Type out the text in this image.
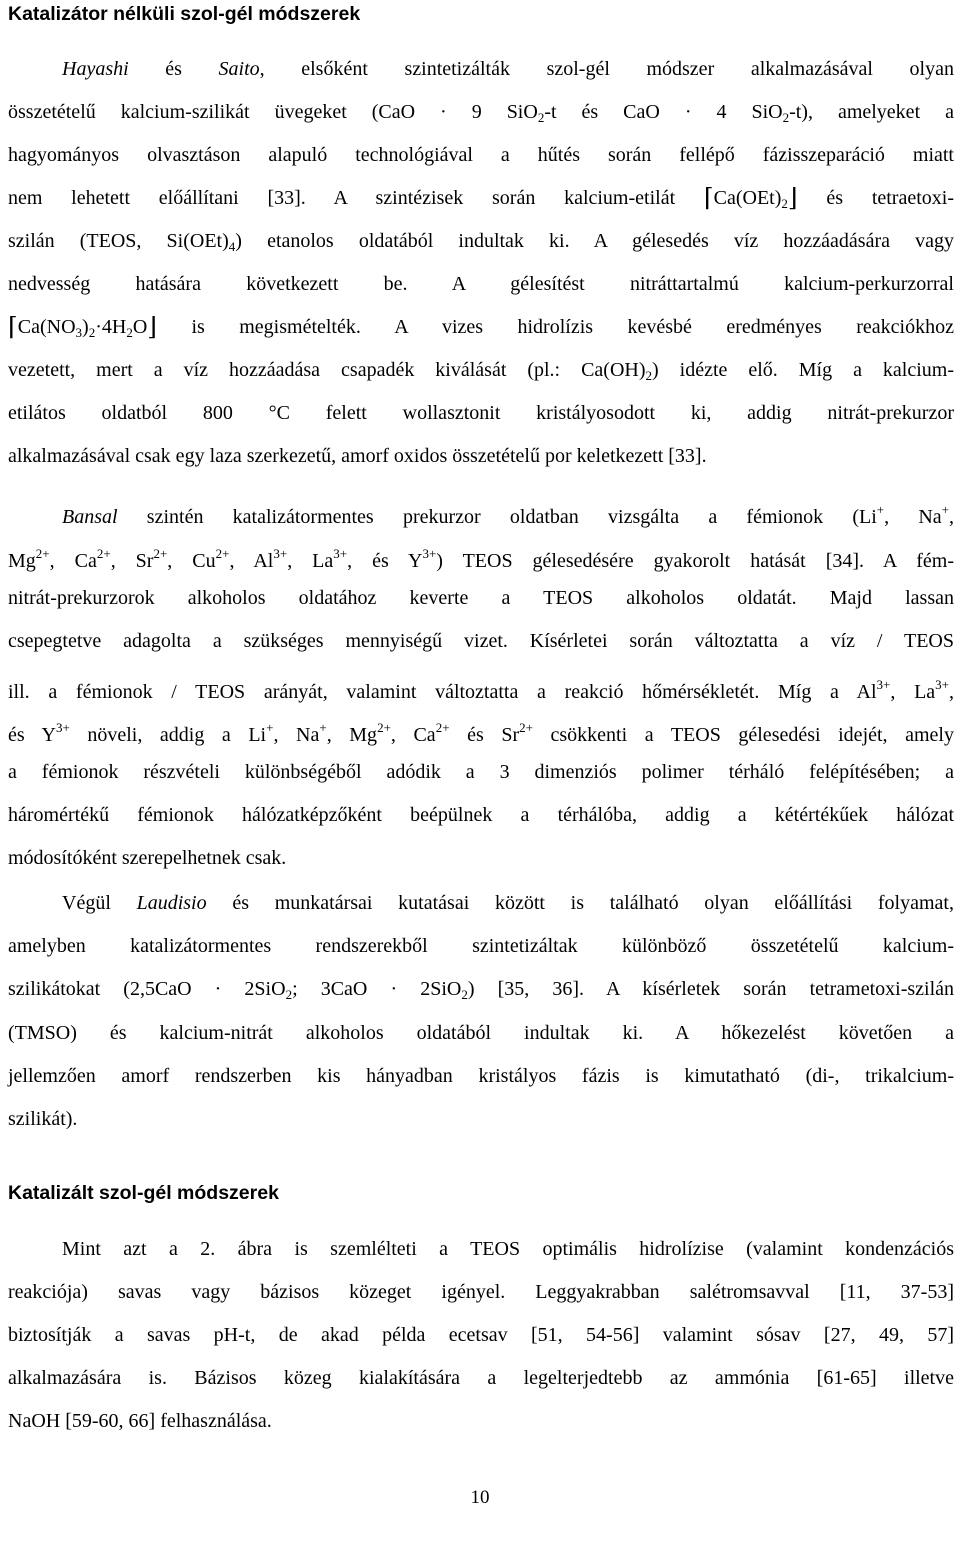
Katalizátor nélküli szol-gél módszerek
Hayashi és Saito, elsőként szintetizálták szol-gél módszer alkalmazásával olyan
összetételű kalcium-szilikát üvegeket (CaO · 9 SiO$_2$-t és CaO · 4 SiO$_2$-t), amelyeket a
hagyományos olvasztáson alapuló technológiával a hűtés során fellépő fázisszeparáció miatt
nem lehetett előállítani [33]. A szintézisek során kalcium-etilát $⌈Ca(OEt)_2⌋$ és tetraetoxi-
szilán (TEOS, $Si(OEt)_4$) etanolos oldatából indultak ki. A gélesedés víz hozzáadására vagy
nedvesség hatására következett be. A gélesítést nitráttartalmú kalcium-perkurzorral
$⌈Ca(NO_3)_2\cdot 4H_2O⌋$ is megismételték. A vizes hidrolízis kevésbé eredményes reakciókhoz
vezetett, mert a víz hozzáadása csapadék kiválását (pl.: $Ca(OH)_2$) idézte elő. Míg a kalcium-
etilátos oldatból 800 °C felett wollasztonit kristályosodott ki, addig nitrát-prekurzor
alkalmazásával csak egy laza szerkezetű, amorf oxidos összetételű por keletkezett [33].
Bansal szintén katalizátormentes prekurzor oldatban vizsgálta a fémionok (Li+, Na+,
$Mg^{2+}$, $Ca^{2+}$, $Sr^{2+}$, $Cu^{2+}$, $Al^{3+}$, $La^{3+}$, és $Y^{3+}$) TEOS gélesedésére gyakorolt hatását [34]. A fém-
nitrát-prekurzorok alkoholos oldatához keverte a TEOS alkoholos oldatát. Majd lassan
csepegtetve adagolta a szükséges mennyiségű vizet. Kísérletei során változtatta a víz / TEOS
ill. a fémionok / TEOS arányát, valamint változtatta a reakció hőmérsékletét. Míg a $Al^{3+}$, $La^{3+}$,
és $Y^{3+}$ növeli, addig a Li+, Na+, $Mg^{2+}$, $Ca^{2+}$ és $Sr^{2+}$ csökkenti a TEOS gélesedési idejét, amely
a fémionok részvételi különbségéből adódik a 3 dimenziós polimer térháló felépítésében; a
háromértékű fémionok hálózatképzőként beépülnek a térhálóba, addig a kétértékűek hálózat
módosítóként szerepelhetnek csak.
Végül Laudisio és munkatársai kutatásai között is található olyan előállítási folyamat,
amelyben katalizátormentes rendszerekből szintetizáltak különböző összetételű kalcium-
szilikátokat (2,5CaO · 2SiO$_2$; 3CaO · 2SiO$_2$) [35, 36]. A kísérletek során tetrametoxi-szilán
(TMSO) és kalcium-nitrát alkoholos oldatából indultak ki. A hőkezelést követően a
jellemzően amorf rendszerben kis hányadban kristályos fázis is kimutatható (di-, trikalcium-
szilikát).
Katalizált szol-gél módszerek
Mint azt a 2. ábra is szemlélteti a TEOS optimális hidrolízise (valamint kondenzációs
reakciója) savas vagy bázisos közeget igényel. Leggyakrabban salétromsavval [11, 37-53]
biztosítják a savas pH-t, de akad példa ecetsav [51, 54-56] valamint sósav [27, 49, 57]
alkalmazására is. Bázisos közeg kialakítására a legelterjedtebb az ammónia [61-65] illetve
NaOH [59-60, 66] felhasználása.
10
